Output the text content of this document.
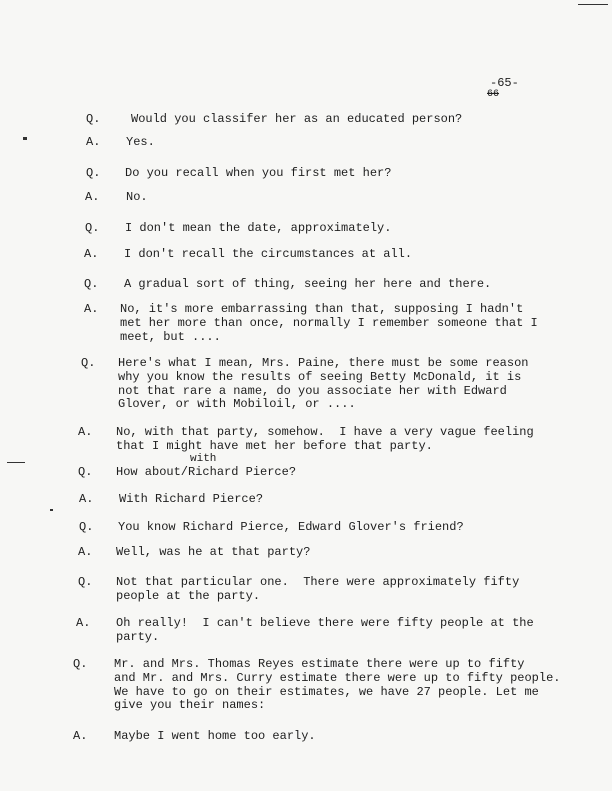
-65-
66
Q.	Would you classifer her as an educated person?
A. Yes.
Q. Do you recall when you first met her?
A. No.
Q. I don't mean the date, approximately.
A. I don't recall the circumstances at all.
Q. A gradual sort of thing, seeing her here and there.
A. No, it's more embarrassing than that, supposing I hadn't
met her more than once, normally I remember someone that I
meet, but ....
Q. Here's what I mean, Mrs. Paine, there must be some reason
why you know the results of seeing Betty McDonald, it is
not that rare a name, do you associate her with Edward
Glover, or with Mobiloil, or ....
A. No, with that party, somehow.  I have a very vague feeling
that I might have met her before that party.
Q. How about/Richard Pierce?
A. With Richard Pierce?
Q. You know Richard Pierce, Edward Glover's friend?
A. Well, was he at that party?
Q. Not that particular one.  There were approximately fifty
people at the party.
A. Oh really!  I can't believe there were fifty people at the
party.
Q. Mr. and Mrs. Thomas Reyes estimate there were up to fifty
and Mr. and Mrs. Curry estimate there were up to fifty people.
We have to go on their estimates, we have 27 people. Let me
give you their names:
A. Maybe I went home too early.
with
